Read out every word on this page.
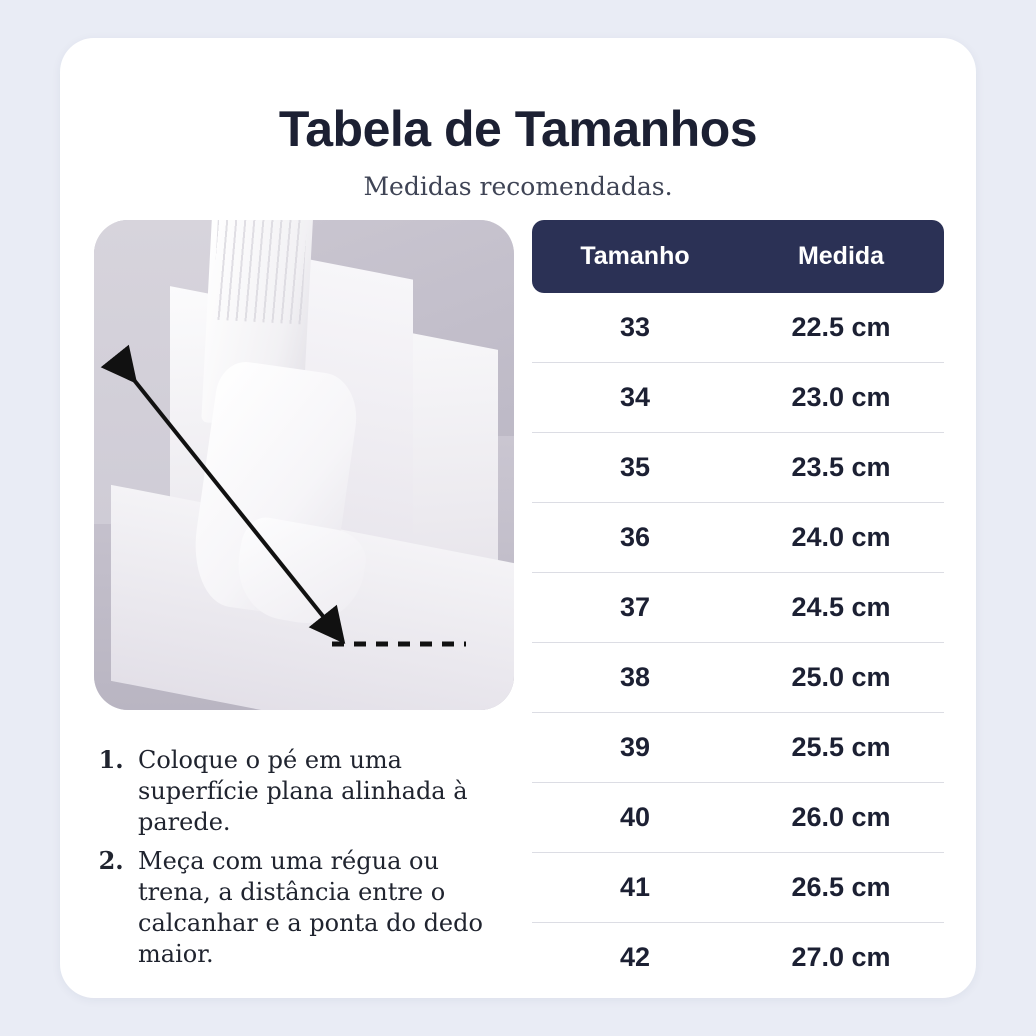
Tabela de Tamanhos
Medidas recomendadas.
1. Coloque o pé em uma superfície plana alinhada à parede.
2. Meça com uma régua ou trena, a distância entre o calcanhar e a ponta do dedo maior.
Tamanho	Medida
33	22.5 cm
34	23.0 cm
35	23.5 cm
36	24.0 cm
37	24.5 cm
38	25.0 cm
39	25.5 cm
40	26.0 cm
41	26.5 cm
42	27.0 cm
